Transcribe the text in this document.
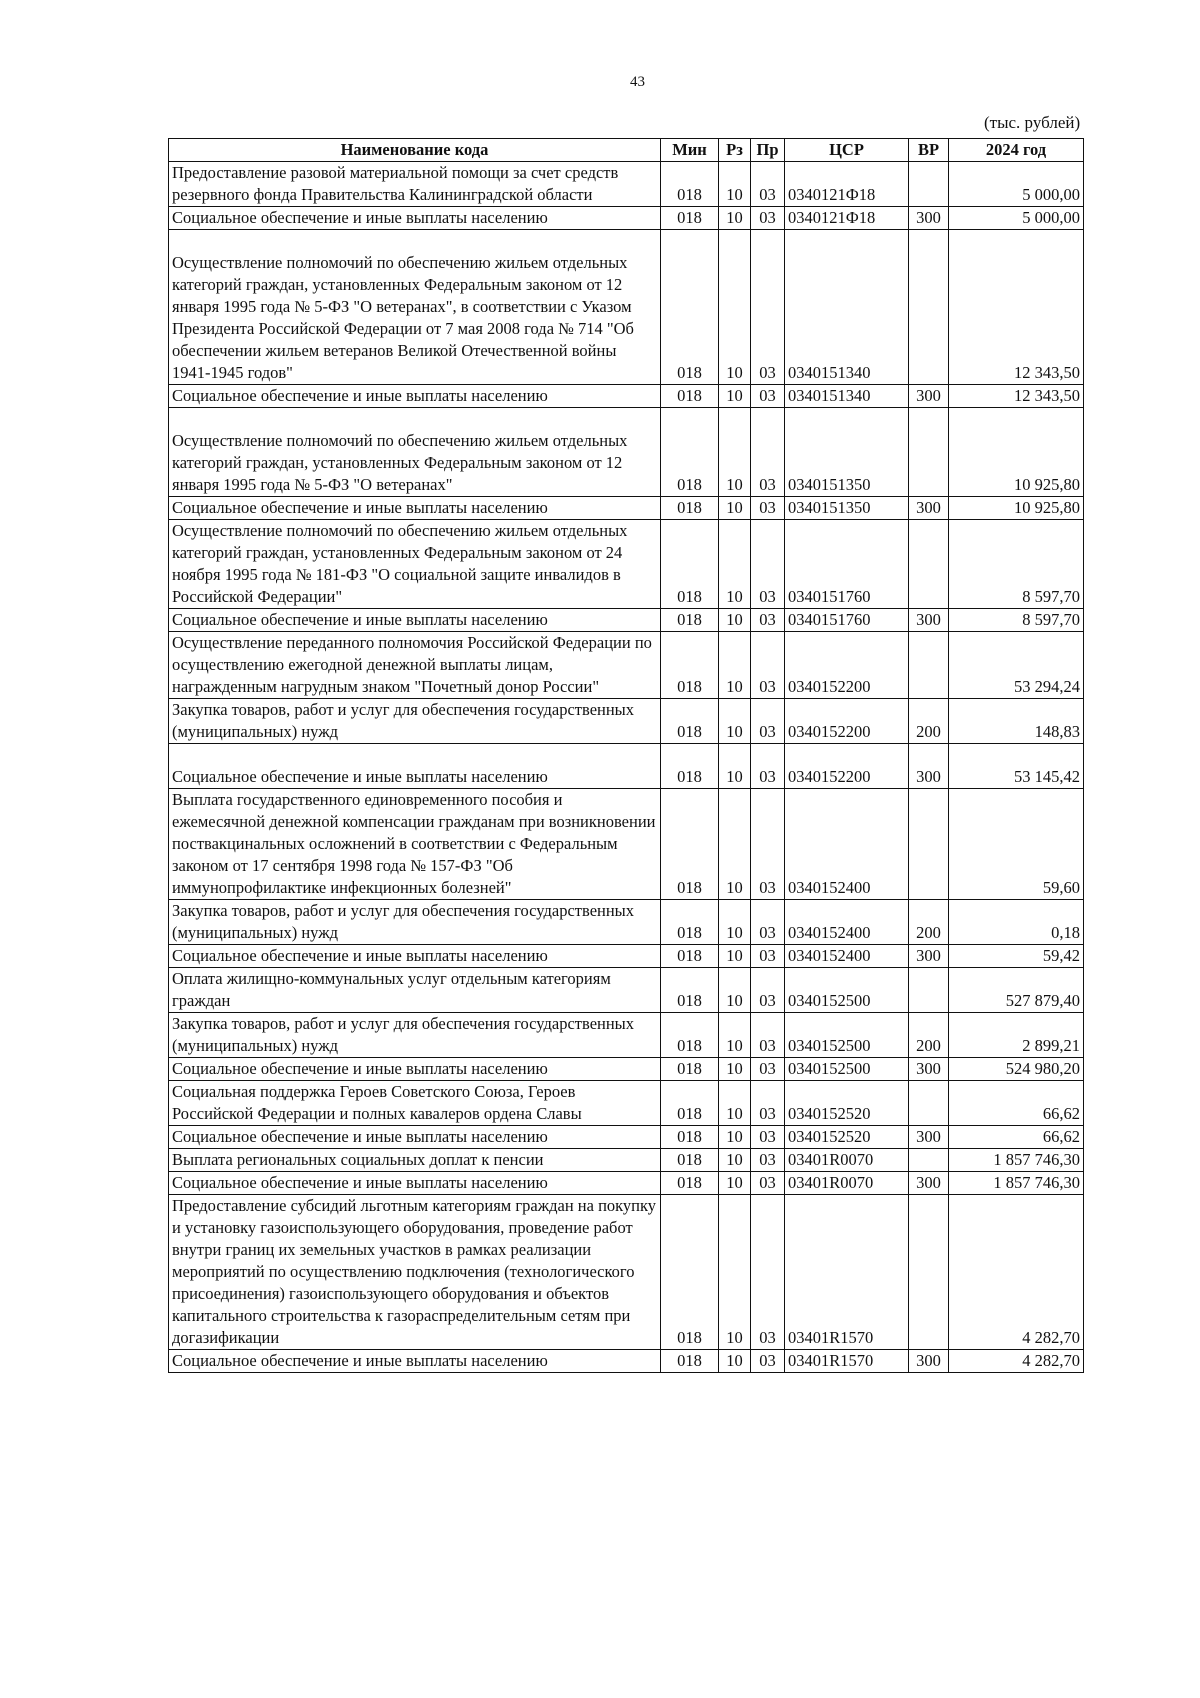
43
(тыс. рублей)
Наименование кода	Мин	Рз	Пр	ЦСР	ВР	2024 год
Предоставление разовой материальной помощи за счет средств резервного фонда Правительства Калининградской области	018	10	03	0340121Ф18		5 000,00
Социальное обеспечение и иные выплаты населению	018	10	03	0340121Ф18	300	5 000,00

Осуществление полномочий по обеспечению жильем отдельных категорий граждан, установленных Федеральным законом от 12 января 1995 года № 5-ФЗ "О ветеранах", в соответствии с Указом Президента Российской Федерации от 7 мая 2008 года № 714 "Об обеспечении жильем ветеранов Великой Отечественной войны 1941-1945 годов"	018	10	03	0340151340		12 343,50
Социальное обеспечение и иные выплаты населению	018	10	03	0340151340	300	12 343,50

Осуществление полномочий по обеспечению жильем отдельных категорий граждан, установленных Федеральным законом от 12 января 1995 года № 5-ФЗ "О ветеранах"	018	10	03	0340151350		10 925,80
Социальное обеспечение и иные выплаты населению	018	10	03	0340151350	300	10 925,80
Осуществление полномочий по обеспечению жильем отдельных категорий граждан, установленных Федеральным законом от 24 ноября 1995 года № 181-ФЗ "О социальной защите инвалидов в Российской Федерации"	018	10	03	0340151760		8 597,70
Социальное обеспечение и иные выплаты населению	018	10	03	0340151760	300	8 597,70
Осуществление переданного полномочия Российской Федерации по осуществлению ежегодной денежной выплаты лицам, награжденным нагрудным знаком "Почетный донор России"	018	10	03	0340152200		53 294,24
Закупка товаров, работ и услуг для обеспечения государственных (муниципальных) нужд	018	10	03	0340152200	200	148,83

Социальное обеспечение и иные выплаты населению	018	10	03	0340152200	300	53 145,42
Выплата государственного единовременного пособия и ежемесячной денежной компенсации гражданам при возникновении поствакцинальных осложнений в соответствии с Федеральным законом от 17 сентября 1998 года № 157-ФЗ "Об иммунопрофилактике инфекционных болезней"	018	10	03	0340152400		59,60
Закупка товаров, работ и услуг для обеспечения государственных (муниципальных) нужд	018	10	03	0340152400	200	0,18
Социальное обеспечение и иные выплаты населению	018	10	03	0340152400	300	59,42
Оплата жилищно-коммунальных услуг отдельным категориям граждан	018	10	03	0340152500		527 879,40
Закупка товаров, работ и услуг для обеспечения государственных (муниципальных) нужд	018	10	03	0340152500	200	2 899,21
Социальное обеспечение и иные выплаты населению	018	10	03	0340152500	300	524 980,20
Социальная поддержка Героев Советского Союза, Героев Российской Федерации и полных кавалеров ордена Славы	018	10	03	0340152520		66,62
Социальное обеспечение и иные выплаты населению	018	10	03	0340152520	300	66,62
Выплата региональных социальных доплат к пенсии	018	10	03	03401R0070		1 857 746,30
Социальное обеспечение и иные выплаты населению	018	10	03	03401R0070	300	1 857 746,30
Предоставление субсидий льготным категориям граждан на покупку и установку газоиспользующего оборудования, проведение работ внутри границ их земельных участков в рамках реализации мероприятий по осуществлению подключения (технологического присоединения) газоиспользующего оборудования и объектов капитального строительства к газораспределительным сетям при догазификации	018	10	03	03401R1570		4 282,70
Социальное обеспечение и иные выплаты населению	018	10	03	03401R1570	300	4 282,70
